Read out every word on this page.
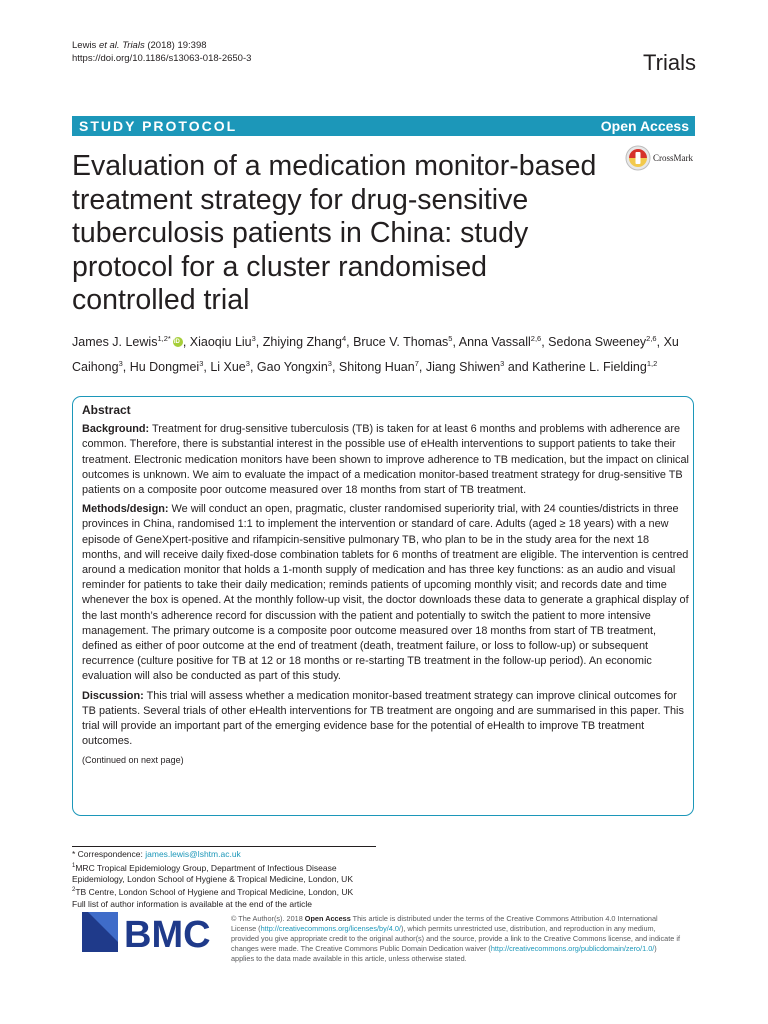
Lewis et al. Trials (2018) 19:398
https://doi.org/10.1186/s13063-018-2650-3	Trials
STUDY PROTOCOL	Open Access
Evaluation of a medication monitor-based treatment strategy for drug-sensitive tuberculosis patients in China: study protocol for a cluster randomised controlled trial
CrossMark
James J. Lewis$^{1,2*}$iD , Xiaoqiu Liu$^3$, Zhiying Zhang$^4$, Bruce V. Thomas$^5$, Anna Vassall$^{2,6}$, Sedona Sweeney$^{2,6}$, Xu Caihong$^3$, Hu Dongmei$^3$, Li Xue$^3$, Gao Yongxin$^3$, Shitong Huan$^7$, Jiang Shiwen$^3$ and Katherine L. Fielding$^{1,2}$
Abstract

Background: Treatment for drug-sensitive tuberculosis (TB) is taken for at least 6 months and problems with adherence are common. Therefore, there is substantial interest in the possible use of eHealth interventions to support patients to take their treatment. Electronic medication monitors have been shown to improve adherence to TB medication, but the impact on clinical outcomes is unknown. We aim to evaluate the impact of a medication monitor-based treatment strategy for drug-sensitive TB patients on a composite poor outcome measured over 18 months from start of TB treatment.

Methods/design: We will conduct an open, pragmatic, cluster randomised superiority trial, with 24 counties/districts in three provinces in China, randomised 1:1 to implement the intervention or standard of care. Adults (aged ≥ 18 years) with a new episode of GeneXpert-positive and rifampicin-sensitive pulmonary TB, who plan to be in the study area for the next 18 months, and will receive daily fixed-dose combination tablets for 6 months of treatment are eligible. The intervention is centred around a medication monitor that holds a 1-month supply of medication and has three key functions: as an audio and visual reminder for patients to take their daily medication; reminds patients of upcoming monthly visit; and records date and time whenever the box is opened. At the monthly follow-up visit, the doctor downloads these data to generate a graphical display of the last month’s adherence record for discussion with the patient and potentially to switch the patient to more intensive management. The primary outcome is a composite poor outcome measured over 18 months from start of TB treatment, defined as either of poor outcome at the end of treatment (death, treatment failure, or loss to follow-up) or subsequent recurrence (culture positive for TB at 12 or 18 months or re-starting TB treatment in the follow-up period). An economic evaluation will also be conducted as part of this study.

Discussion: This trial will assess whether a medication monitor-based treatment strategy can improve clinical outcomes for TB patients. Several trials of other eHealth interventions for TB treatment are ongoing and are summarised in this paper. This trial will provide an important part of the emerging evidence base for the potential of eHealth to improve TB treatment outcomes.

(Continued on next page)
* Correspondence: james.lewis@lshtm.ac.uk
$^1$MRC Tropical Epidemiology Group, Department of Infectious Disease Epidemiology, London School of Hygiene & Tropical Medicine, London, UK
$^2$TB Centre, London School of Hygiene and Tropical Medicine, London, UK
Full list of author information is available at the end of the article
BMC	© The Author(s). 2018 Open Access This article is distributed under the terms of the Creative Commons Attribution 4.0 International License (http://creativecommons.org/licenses/by/4.0/), which permits unrestricted use, distribution, and reproduction in any medium, provided you give appropriate credit to the original author(s) and the source, provide a link to the Creative Commons license, and indicate if changes were made. The Creative Commons Public Domain Dedication waiver (http://creativecommons.org/publicdomain/zero/1.0/) applies to the data made available in this article, unless otherwise stated.
